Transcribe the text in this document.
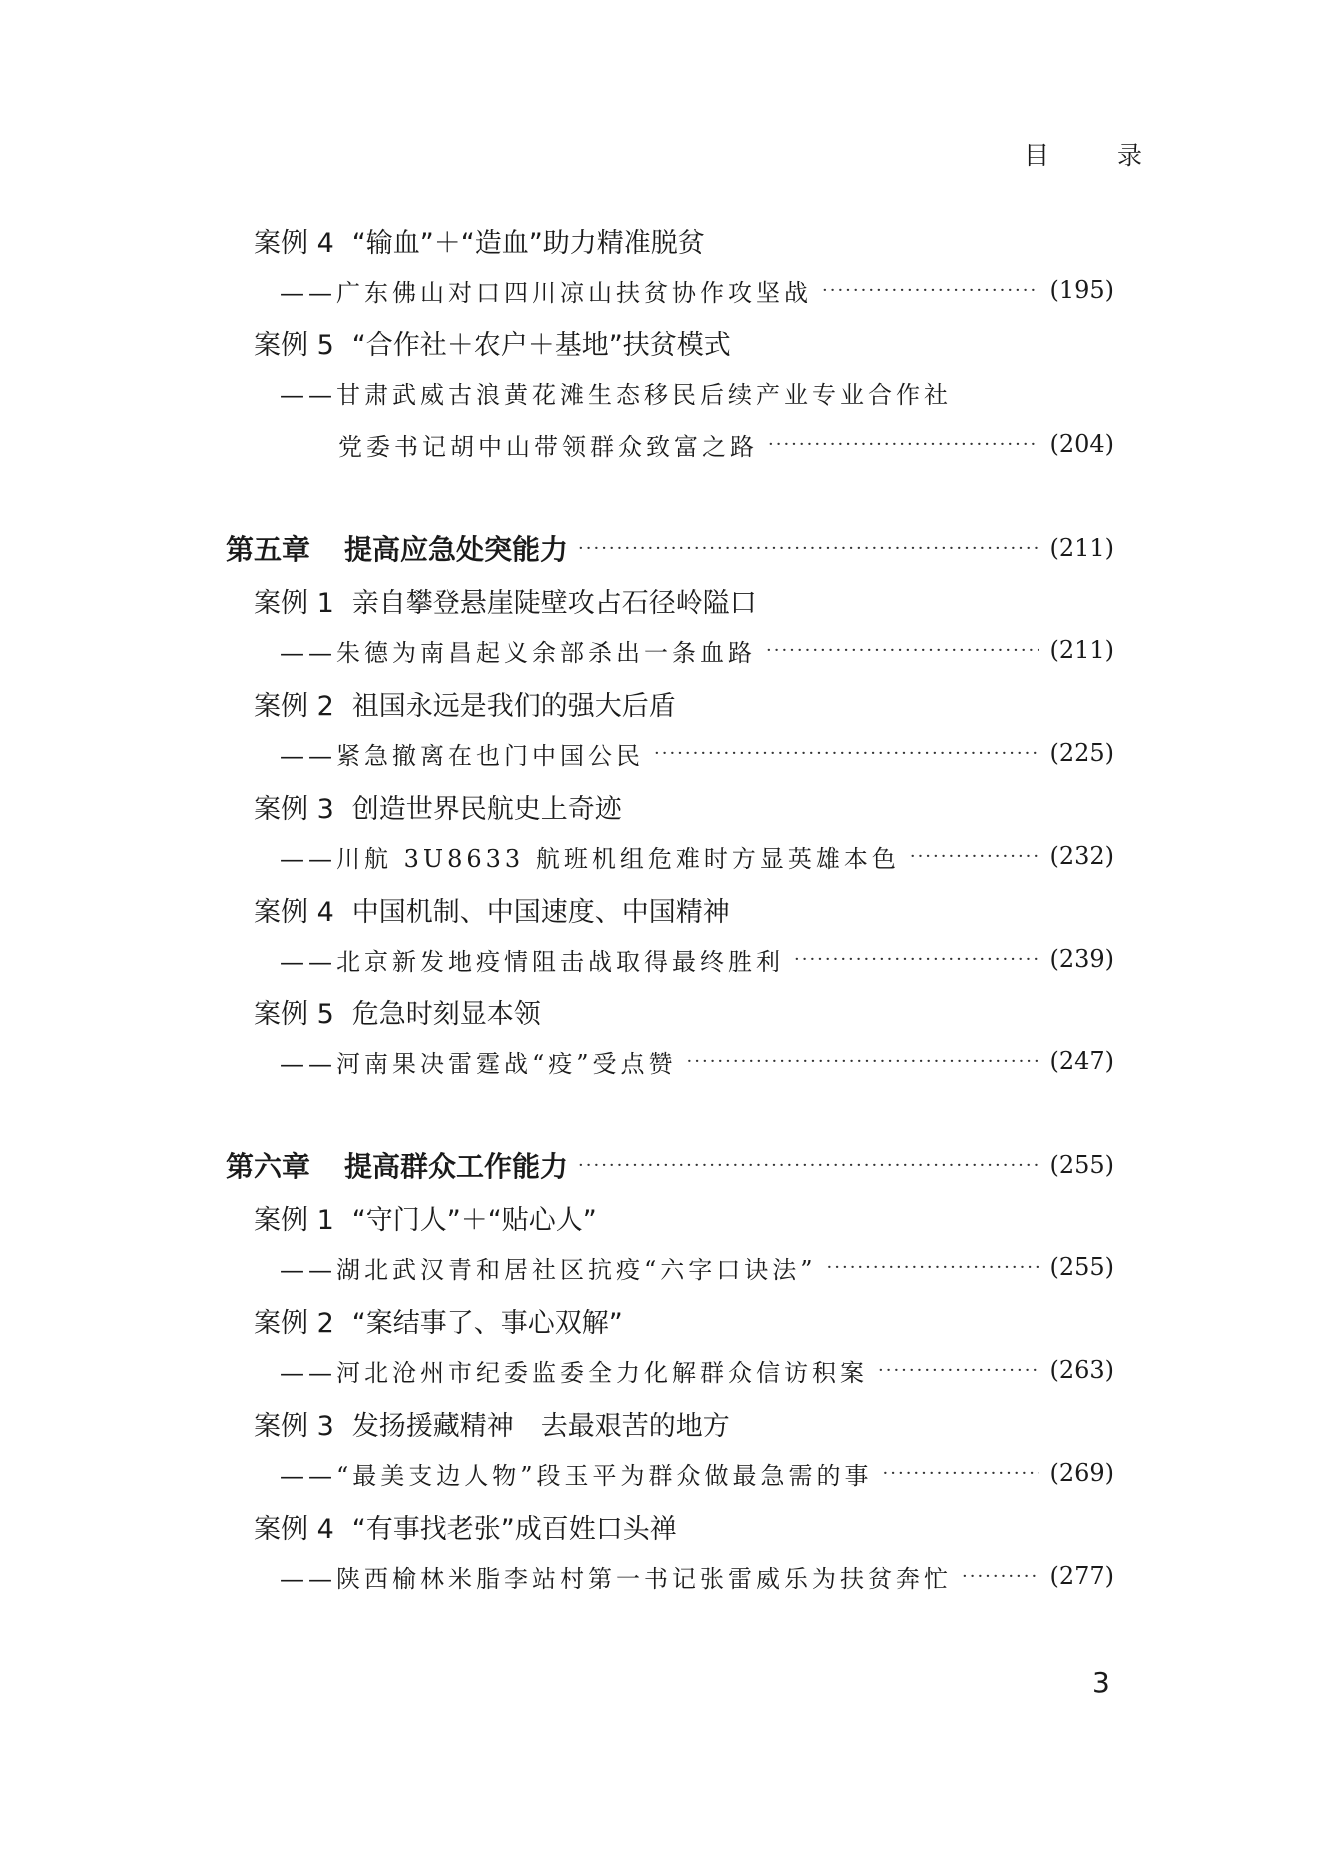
目 录
案例 4 “输血”＋“造血”助力精准脱贫
——广东佛山对口四川凉山扶贫协作攻坚战 ·····	(195)
案例 5 “合作社＋农户＋基地”扶贫模式
——甘肃武威古浪黄花滩生态移民后续产业专业合作社
党委书记胡中山带领群众致富之路 ·····	(204)
第五章 提高应急处突能力 ·····	(211)
案例 1 亲自攀登悬崖陡壁攻占石径岭隘口
——朱德为南昌起义余部杀出一条血路 ·····	(211)
案例 2 祖国永远是我们的强大后盾
——紧急撤离在也门中国公民 ·····	(225)
案例 3 创造世界民航史上奇迹
——川航 3U8633 航班机组危难时方显英雄本色 ·····	(232)
案例 4 中国机制、中国速度、中国精神
——北京新发地疫情阻击战取得最终胜利 ·····	(239)
案例 5 危急时刻显本领
——河南果决雷霆战“疫”受点赞 ·····	(247)
第六章 提高群众工作能力 ·····	(255)
案例 1 “守门人”＋“贴心人”
——湖北武汉青和居社区抗疫“六字口诀法” ·····	(255)
案例 2 “案结事了、事心双解”
——河北沧州市纪委监委全力化解群众信访积案 ·····	(263)
案例 3 发扬援藏精神　去最艰苦的地方
——“最美支边人物”段玉平为群众做最急需的事 ·····	(269)
案例 4 “有事找老张”成百姓口头禅
——陕西榆林米脂李站村第一书记张雷威乐为扶贫奔忙 ·····	(277)
3
